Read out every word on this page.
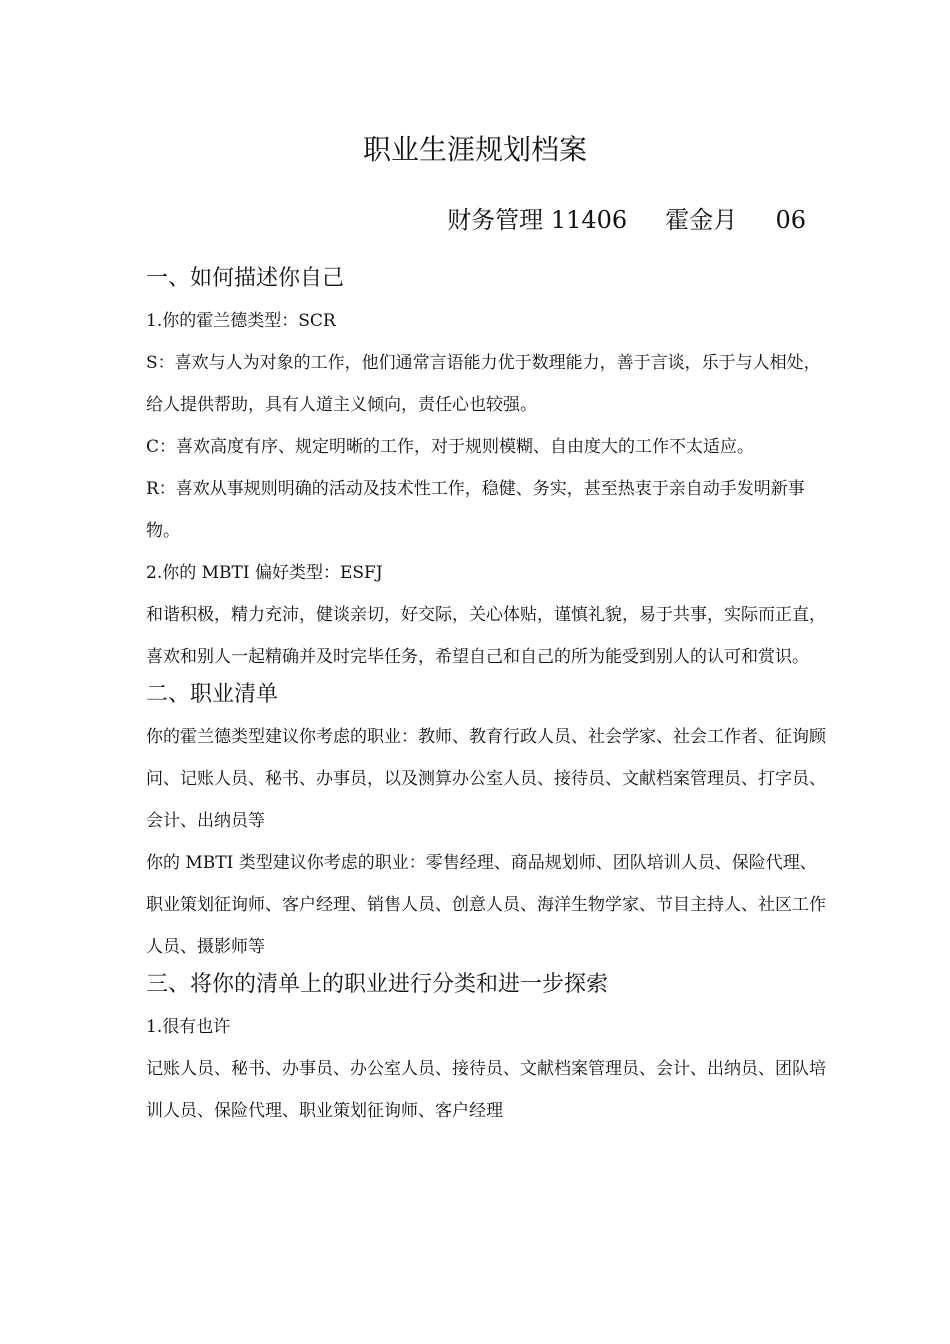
职业生涯规划档案
财务管理 11406     霍金月     06
一、如何描述你自己

1.你的霍兰德类型：SCR

S：喜欢与人为对象的工作，他们通常言语能力优于数理能力，善于言谈，乐于与人相处，给人提供帮助，具有人道主义倾向，责任心也较强。

C：喜欢高度有序、规定明晰的工作，对于规则模糊、自由度大的工作不太适应。

R：喜欢从事规则明确的活动及技术性工作，稳健、务实，甚至热衷于亲自动手发明新事物。

2.你的 MBTI 偏好类型：ESFJ

和谐积极，精力充沛，健谈亲切，好交际，关心体贴，谨慎礼貌，易于共事，实际而正直，喜欢和别人一起精确并及时完毕任务，希望自己和自己的所为能受到别人的认可和赏识。

二、职业清单

你的霍兰德类型建议你考虑的职业：教师、教育行政人员、社会学家、社会工作者、征询顾问、记账人员、秘书、办事员，以及测算办公室人员、接待员、文献档案管理员、打字员、会计、出纳员等

你的 MBTI 类型建议你考虑的职业：零售经理、商品规划师、团队培训人员、保险代理、职业策划征询师、客户经理、销售人员、创意人员、海洋生物学家、节目主持人、社区工作人员、摄影师等

三、将你的清单上的职业进行分类和进一步探索

1.很有也许

记账人员、秘书、办事员、办公室人员、接待员、文献档案管理员、会计、出纳员、团队培训人员、保险代理、职业策划征询师、客户经理
